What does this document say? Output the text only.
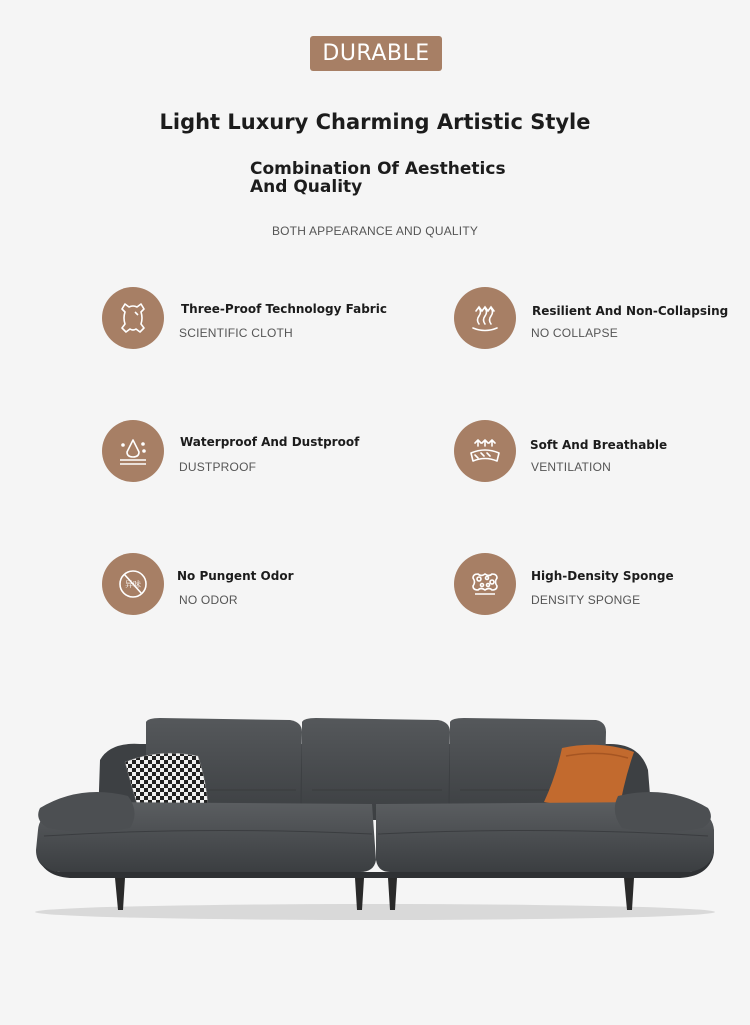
DURABLE
Light Luxury Charming Artistic Style
Combination Of Aesthetics
And Quality
BOTH APPEARANCE AND QUALITY
Three-Proof Technology Fabric
SCIENTIFIC CLOTH
Resilient And Non-Collapsing
NO COLLAPSE
Waterproof And Dustproof
DUSTPROOF
Soft And Breathable
VENTILATION
异味
No Pungent Odor
NO ODOR
High-Density Sponge
DENSITY SPONGE
